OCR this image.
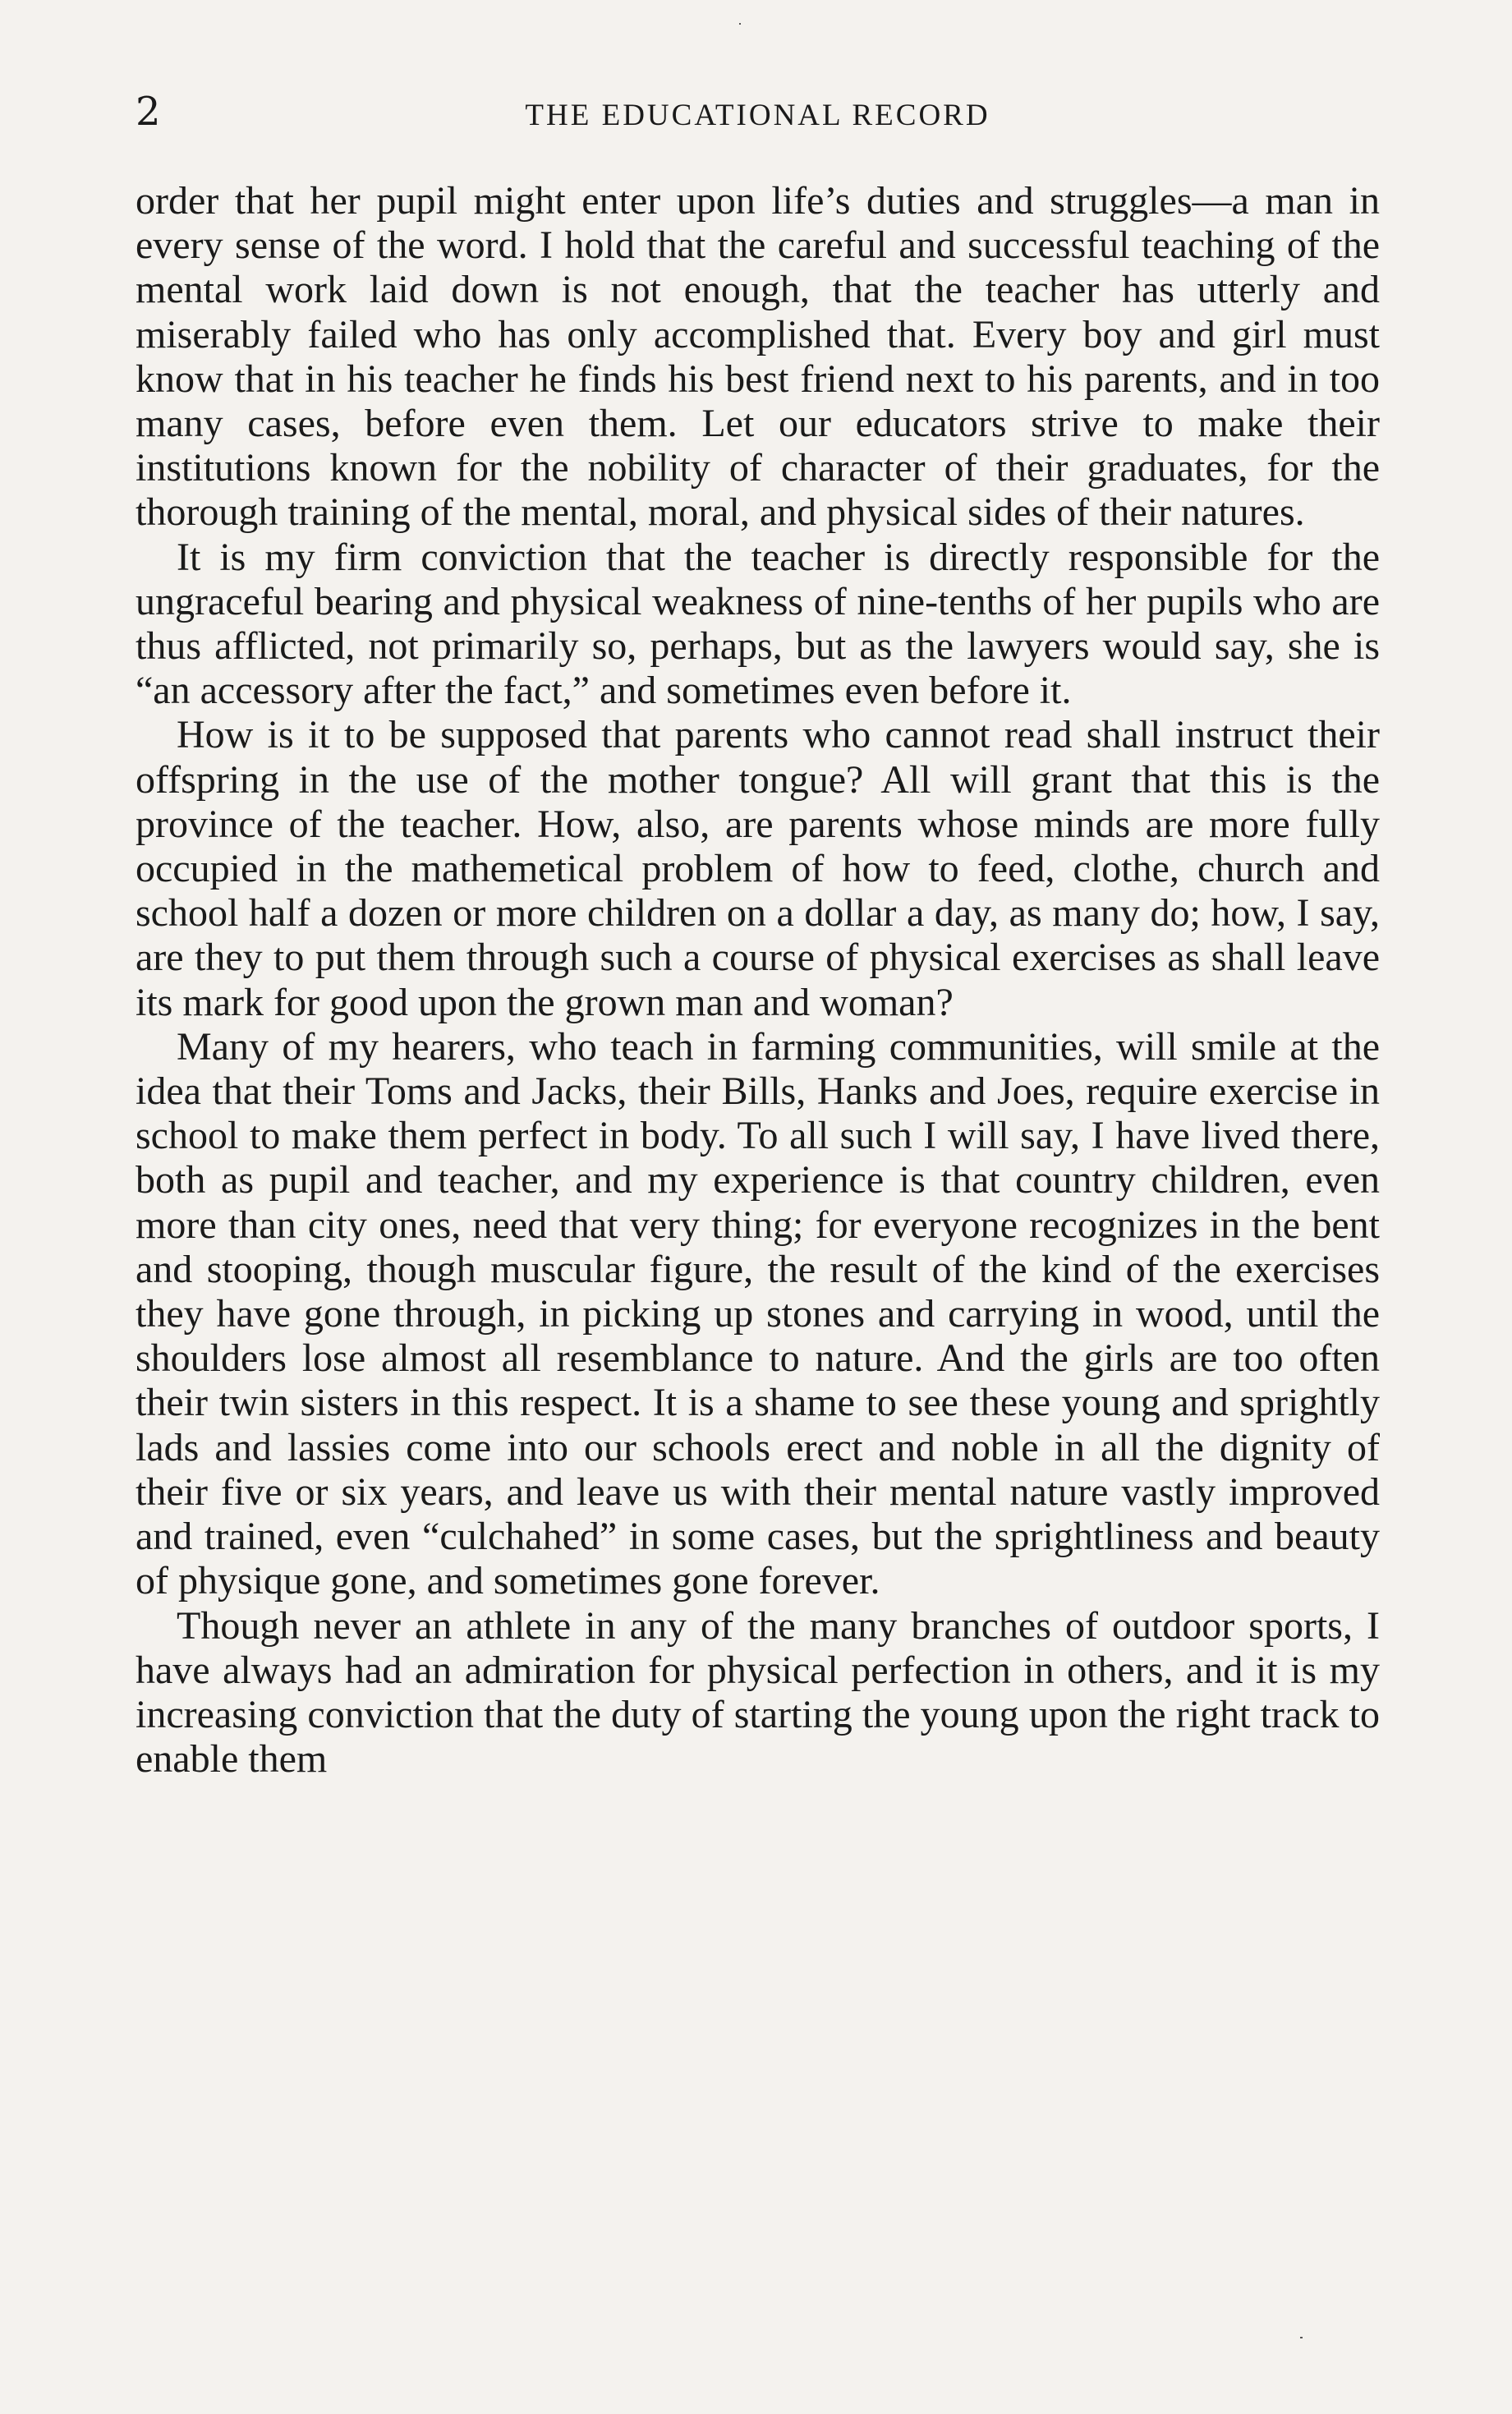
2	THE EDUCATIONAL RECORD

order that her pupil might enter upon life’s duties and struggles—a man in every sense of the word. I hold that the careful and successful teaching of the mental work laid down is not enough, that the teacher has utterly and miserably failed who has only accomplished that. Every boy and girl must know that in his teacher he finds his best friend next to his parents, and in too many cases, before even them. Let our educators strive to make their institutions known for the nobility of character of their graduates, for the thorough training of the mental, moral, and physical sides of their natures.

It is my firm conviction that the teacher is directly responsible for the ungraceful bearing and physical weakness of nine-tenths of her pupils who are thus afflicted, not primarily so, perhaps, but as the lawyers would say, she is “an accessory after the fact,” and sometimes even before it.

How is it to be supposed that parents who cannot read shall instruct their offspring in the use of the mother tongue? All will grant that this is the province of the teacher. How, also, are parents whose minds are more fully occupied in the mathemetical problem of how to feed, clothe, church and school half a dozen or more children on a dollar a day, as many do; how, I say, are they to put them through such a course of physical exercises as shall leave its mark for good upon the grown man and woman?

Many of my hearers, who teach in farming communities, will smile at the idea that their Toms and Jacks, their Bills, Hanks and Joes, require exercise in school to make them perfect in body. To all such I will say, I have lived there, both as pupil and teacher, and my experience is that country children, even more than city ones, need that very thing; for everyone recognizes in the bent and stooping, though muscular figure, the result of the kind of the exercises they have gone through, in picking up stones and carrying in wood, until the shoulders lose almost all resemblance to nature. And the girls are too often their twin sisters in this respect. It is a shame to see these young and sprightly lads and lassies come into our schools erect and noble in all the dignity of their five or six years, and leave us with their mental nature vastly improved and trained, even “culchahed” in some cases, but the sprightliness and beauty of physique gone, and sometimes gone forever.

Though never an athlete in any of the many branches of outdoor sports, I have always had an admiration for physical perfection in others, and it is my increasing conviction that the duty of starting the young upon the right track to enable them
